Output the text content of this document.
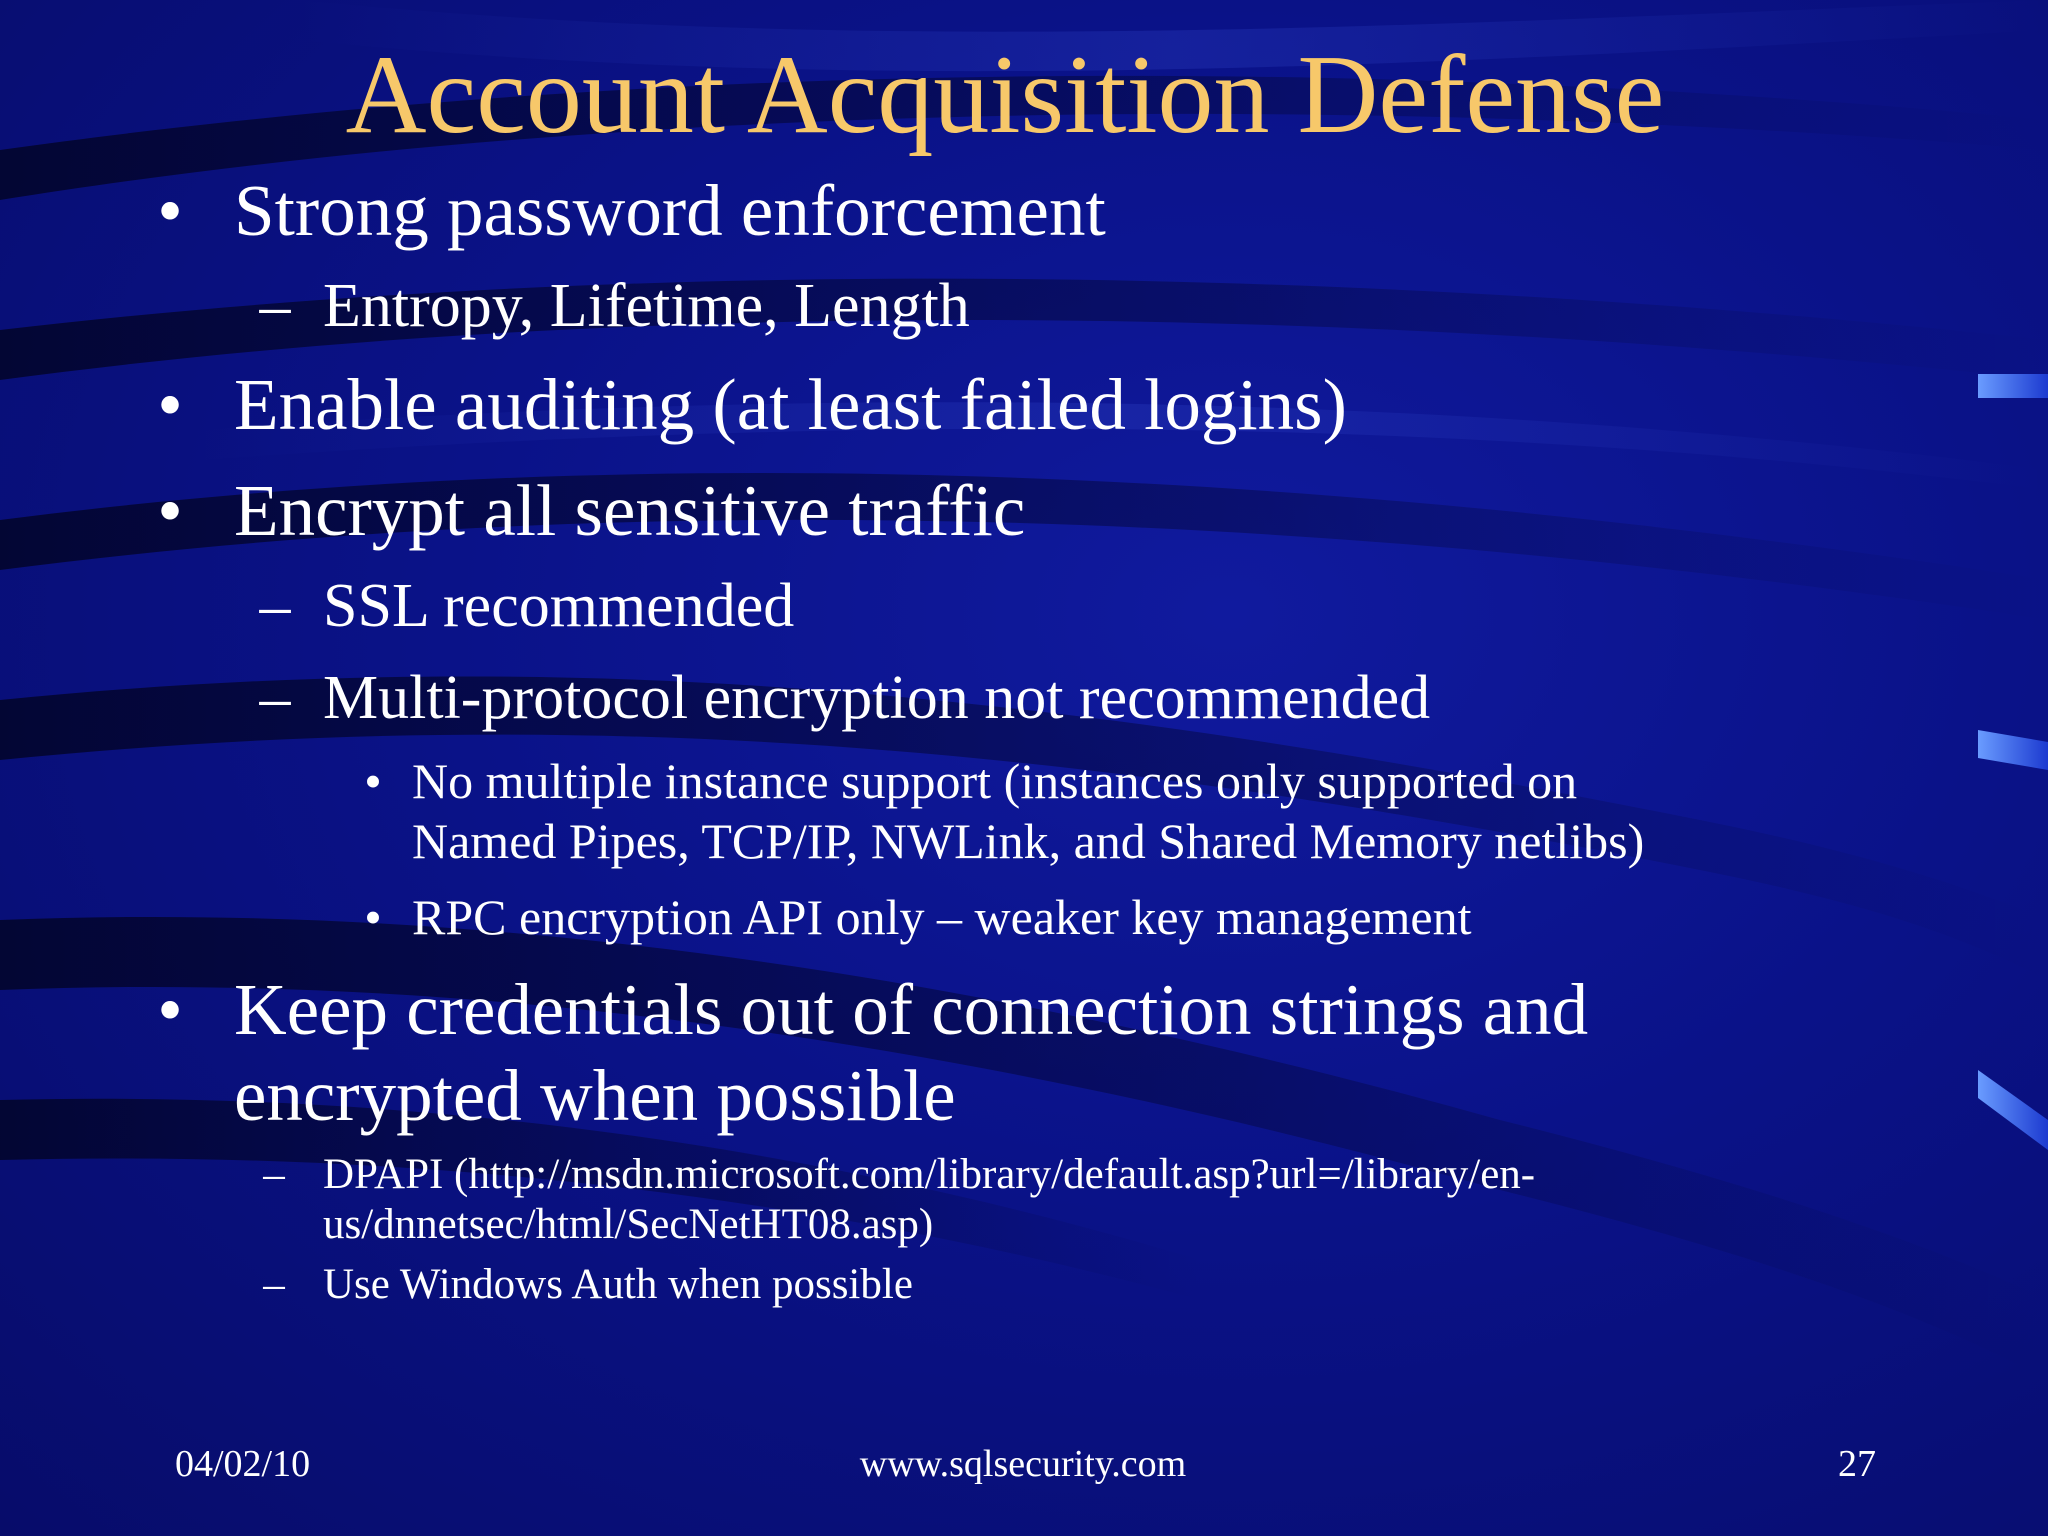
Account Acquisition Defense
• Strong password enforcement
– Entropy, Lifetime, Length
• Enable auditing (at least failed logins)
• Encrypt all sensitive traffic
– SSL recommended
– Multi-protocol encryption not recommended
• No multiple instance support (instances only supported on
Named Pipes, TCP/IP, NWLink, and Shared Memory netlibs)
• RPC encryption API only – weaker key management
• Keep credentials out of connection strings and
encrypted when possible
– DPAPI (http://msdn.microsoft.com/library/default.asp?url=/library/en-
us/dnnetsec/html/SecNetHT08.asp)
– Use Windows Auth when possible
04/02/10	www.sqlsecurity.com	27
